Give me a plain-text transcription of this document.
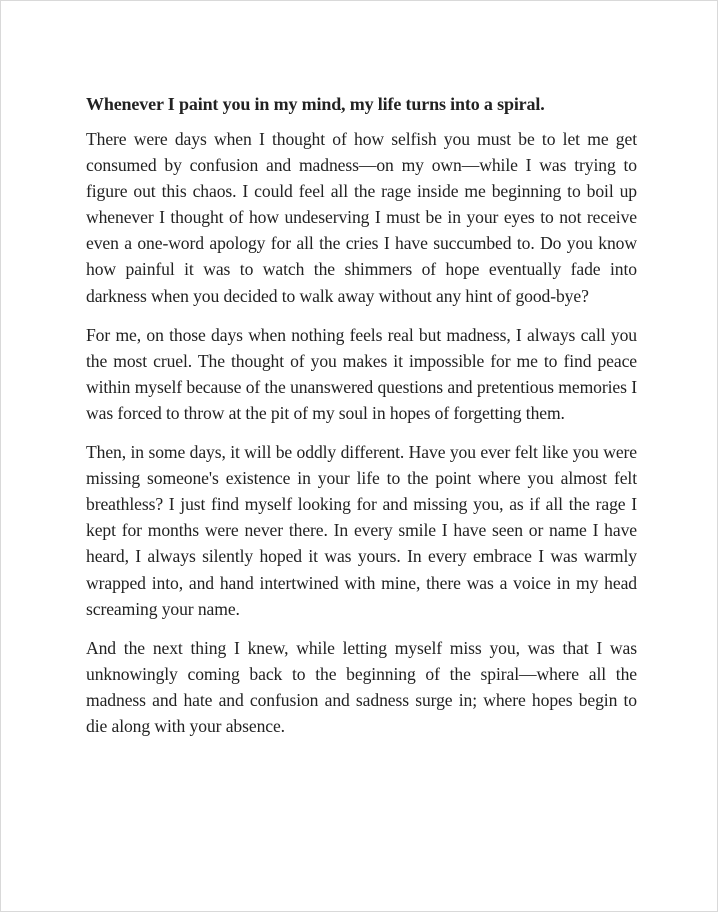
Whenever I paint you in my mind, my life turns into a spiral.

There were days when I thought of how selfish you must be to let me get consumed by confusion and madness—on my own—while I was trying to figure out this chaos. I could feel all the rage inside me beginning to boil up whenever I thought of how undeserving I must be in your eyes to not receive even a one-word apology for all the cries I have succumbed to. Do you know how painful it was to watch the shimmers of hope eventually fade into darkness when you decided to walk away without any hint of good-bye?

For me, on those days when nothing feels real but madness, I always call you the most cruel. The thought of you makes it impossible for me to find peace within myself because of the unanswered questions and pretentious memories I was forced to throw at the pit of my soul in hopes of forgetting them.

Then, in some days, it will be oddly different. Have you ever felt like you were missing someone's existence in your life to the point where you almost felt breathless? I just find myself looking for and missing you, as if all the rage I kept for months were never there. In every smile I have seen or name I have heard, I always silently hoped it was yours. In every embrace I was warmly wrapped into, and hand intertwined with mine, there was a voice in my head screaming your name.

And the next thing I knew, while letting myself miss you, was that I was unknowingly coming back to the beginning of the spiral—where all the madness and hate and confusion and sadness surge in; where hopes begin to die along with your absence.
